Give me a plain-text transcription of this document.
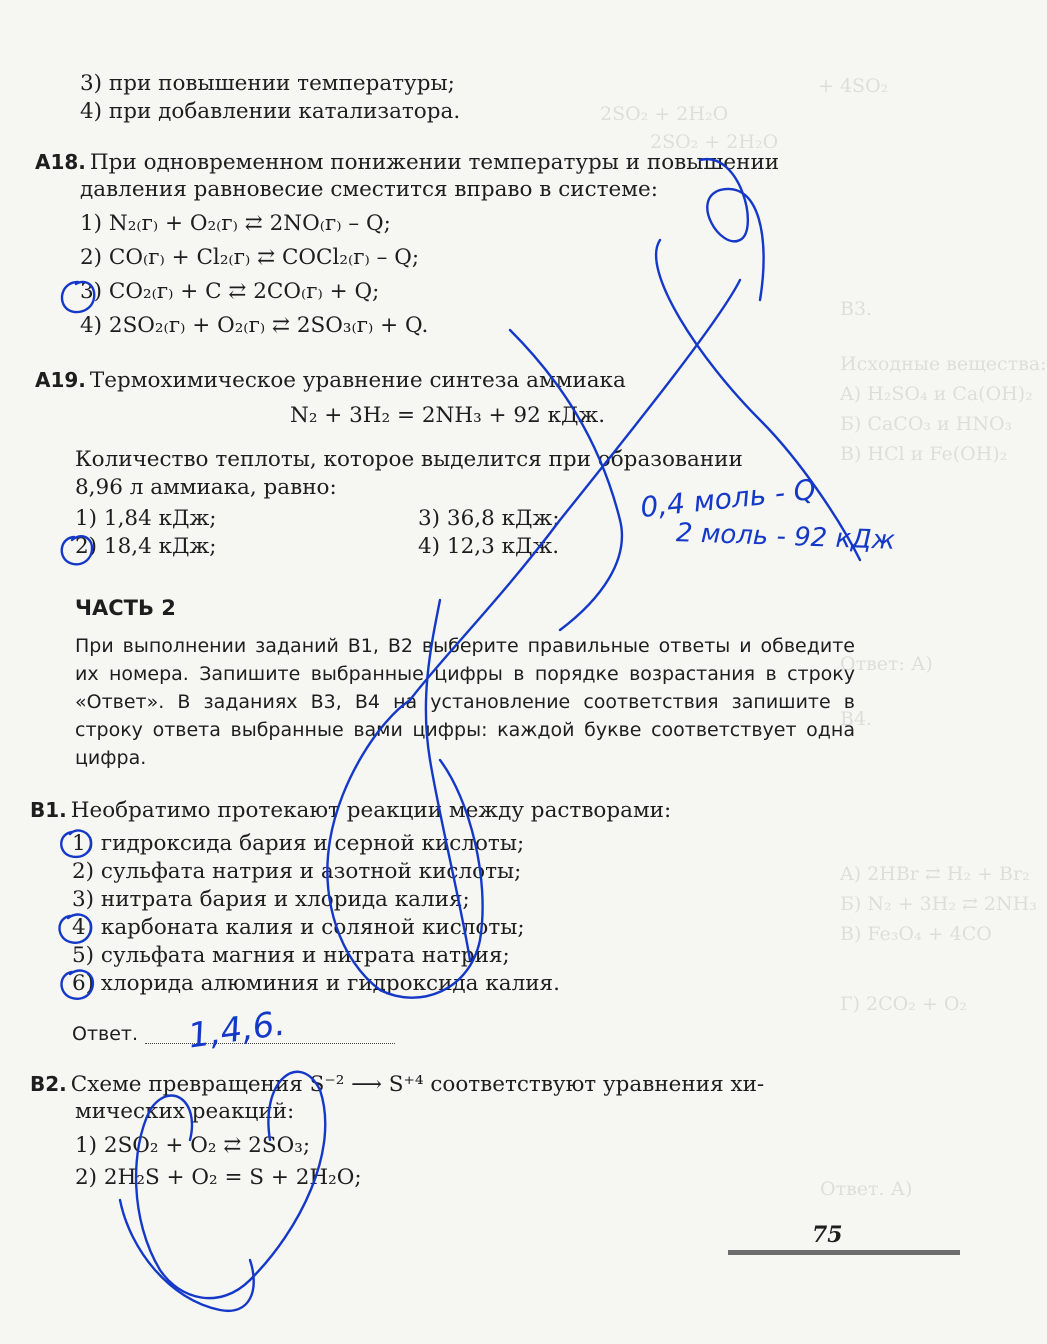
+ 4SO₂
2SO₂ + 2H₂O
2SO₂ + 2H₂O
B3.
Исходные вещества:
A) H₂SO₄ и Ca(OH)₂
Б) CaCO₃ и HNO₃
В) HCl и Fe(OH)₂
Ответ: А)
B4.
A) 2HBr ⇄ H₂ + Br₂
Б) N₂ + 3H₂ ⇄ 2NH₃
В) Fe₃O₄ + 4CO
Г) 2CO₂ + O₂
Ответ. А)
3) при повышении температуры;
4) при добавлении катализатора.
A18. При одновременном понижении температуры и повышении
давления равновесие сместится вправо в системе:
1) N₂₍г₎ + O₂₍г₎ ⇄ 2NO₍г₎ – Q;
2) CO₍г₎ + Cl₂₍г₎ ⇄ COCl₂₍г₎ – Q;
3) CO₂₍г₎ + C ⇄ 2CO₍г₎ + Q;
4) 2SO₂₍г₎ + O₂₍г₎ ⇄ 2SO₃₍г₎ + Q.
A19. Термохимическое уравнение синтеза аммиака
N₂ + 3H₂ = 2NH₃ + 92 кДж.
Количество теплоты, которое выделится при образовании
8,96 л аммиака, равно:
1) 1,84 кДж;	3) 36,8 кДж;
2) 18,4 кДж;	4) 12,3 кДж.
ЧАСТЬ 2
При выполнении заданий В1, В2 выберите правильные ответы и обведите их номера. Запишите выбранные цифры в порядке возрастания в строку «Ответ». В заданиях В3, В4 на установление соответствия запишите в строку ответа выбранные вами цифры: каждой букве соответствует одна цифра.
В1. Необратимо протекают реакции между растворами:
1) гидроксида бария и серной кислоты;
2) сульфата натрия и азотной кислоты;
3) нитрата бария и хлорида калия;
4) карбоната калия и соляной кислоты;
5) сульфата магния и нитрата натрия;
6) хлорида алюминия и гидроксида калия.
Ответ. 1,4,6.
В2. Схеме превращения S⁻² ⟶ S⁺⁴ соответствуют уравнения хи-
мических реакций:
1) 2SO₂ + O₂ ⇄ 2SO₃;
2) 2H₂S + O₂ = S + 2H₂O;
0,4 моль - Q
2 моль - 92 кДж
75
